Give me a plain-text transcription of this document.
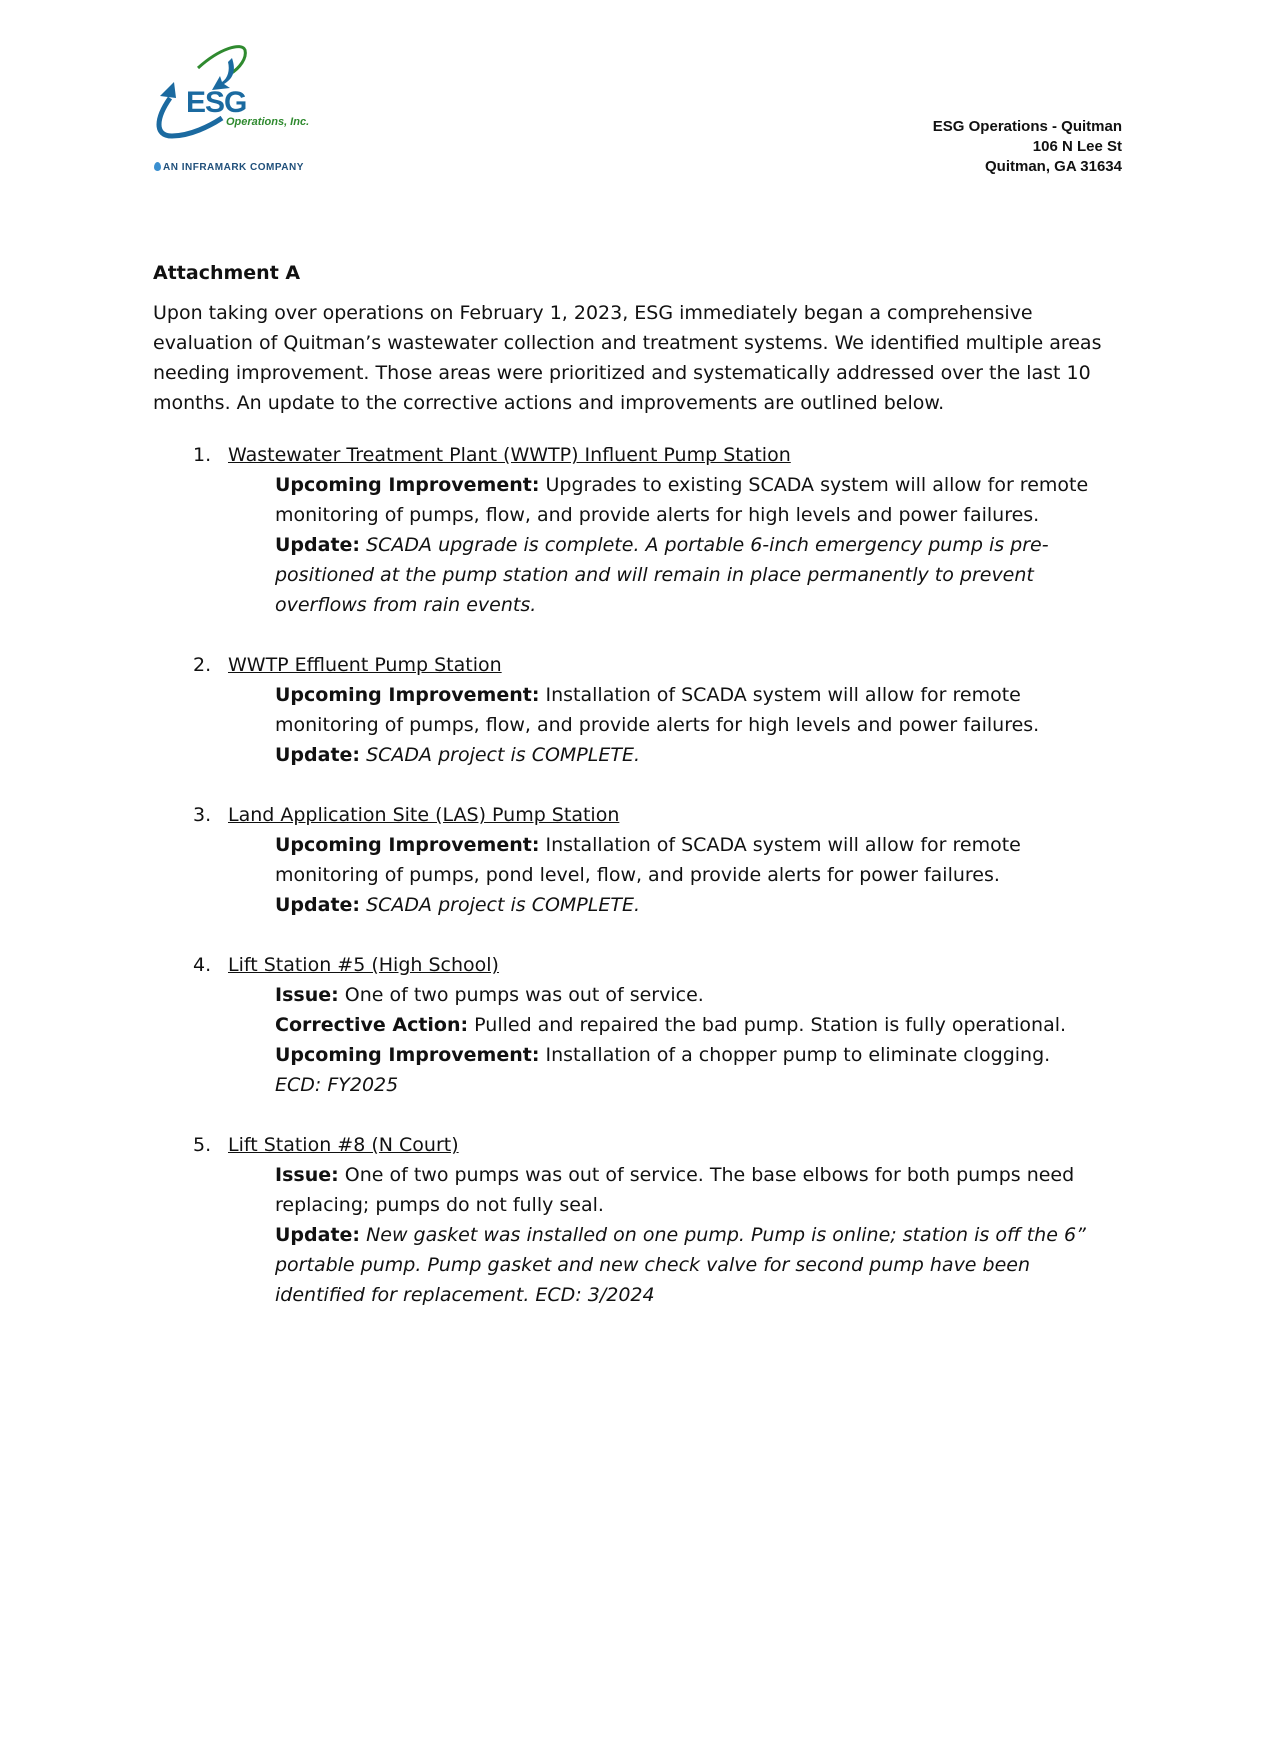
ESG
Operations, Inc.
AN INFRAMARK COMPANY
ESG Operations - Quitman
106 N Lee St
Quitman, GA 31634
Attachment A
Upon taking over operations on February 1, 2023, ESG immediately began a comprehensive evaluation of Quitman’s wastewater collection and treatment systems. We identified multiple areas needing improvement. Those areas were prioritized and systematically addressed over the last 10 months. An update to the corrective actions and improvements are outlined below.
1. Wastewater Treatment Plant (WWTP) Influent Pump Station
Upcoming Improvement: Upgrades to existing SCADA system will allow for remote monitoring of pumps, flow, and provide alerts for high levels and power failures.
Update: SCADA upgrade is complete. A portable 6-inch emergency pump is pre-positioned at the pump station and will remain in place permanently to prevent overflows from rain events.
2. WWTP Effluent Pump Station
Upcoming Improvement: Installation of SCADA system will allow for remote monitoring of pumps, flow, and provide alerts for high levels and power failures.
Update: SCADA project is COMPLETE.
3. Land Application Site (LAS) Pump Station
Upcoming Improvement: Installation of SCADA system will allow for remote monitoring of pumps, pond level, flow, and provide alerts for power failures.
Update: SCADA project is COMPLETE.
4. Lift Station #5 (High School)
Issue: One of two pumps was out of service.
Corrective Action: Pulled and repaired the bad pump. Station is fully operational.
Upcoming Improvement: Installation of a chopper pump to eliminate clogging.
ECD: FY2025
5. Lift Station #8 (N Court)
Issue: One of two pumps was out of service. The base elbows for both pumps need replacing; pumps do not fully seal.
Update: New gasket was installed on one pump. Pump is online; station is off the 6” portable pump. Pump gasket and new check valve for second pump have been identified for replacement. ECD: 3/2024
